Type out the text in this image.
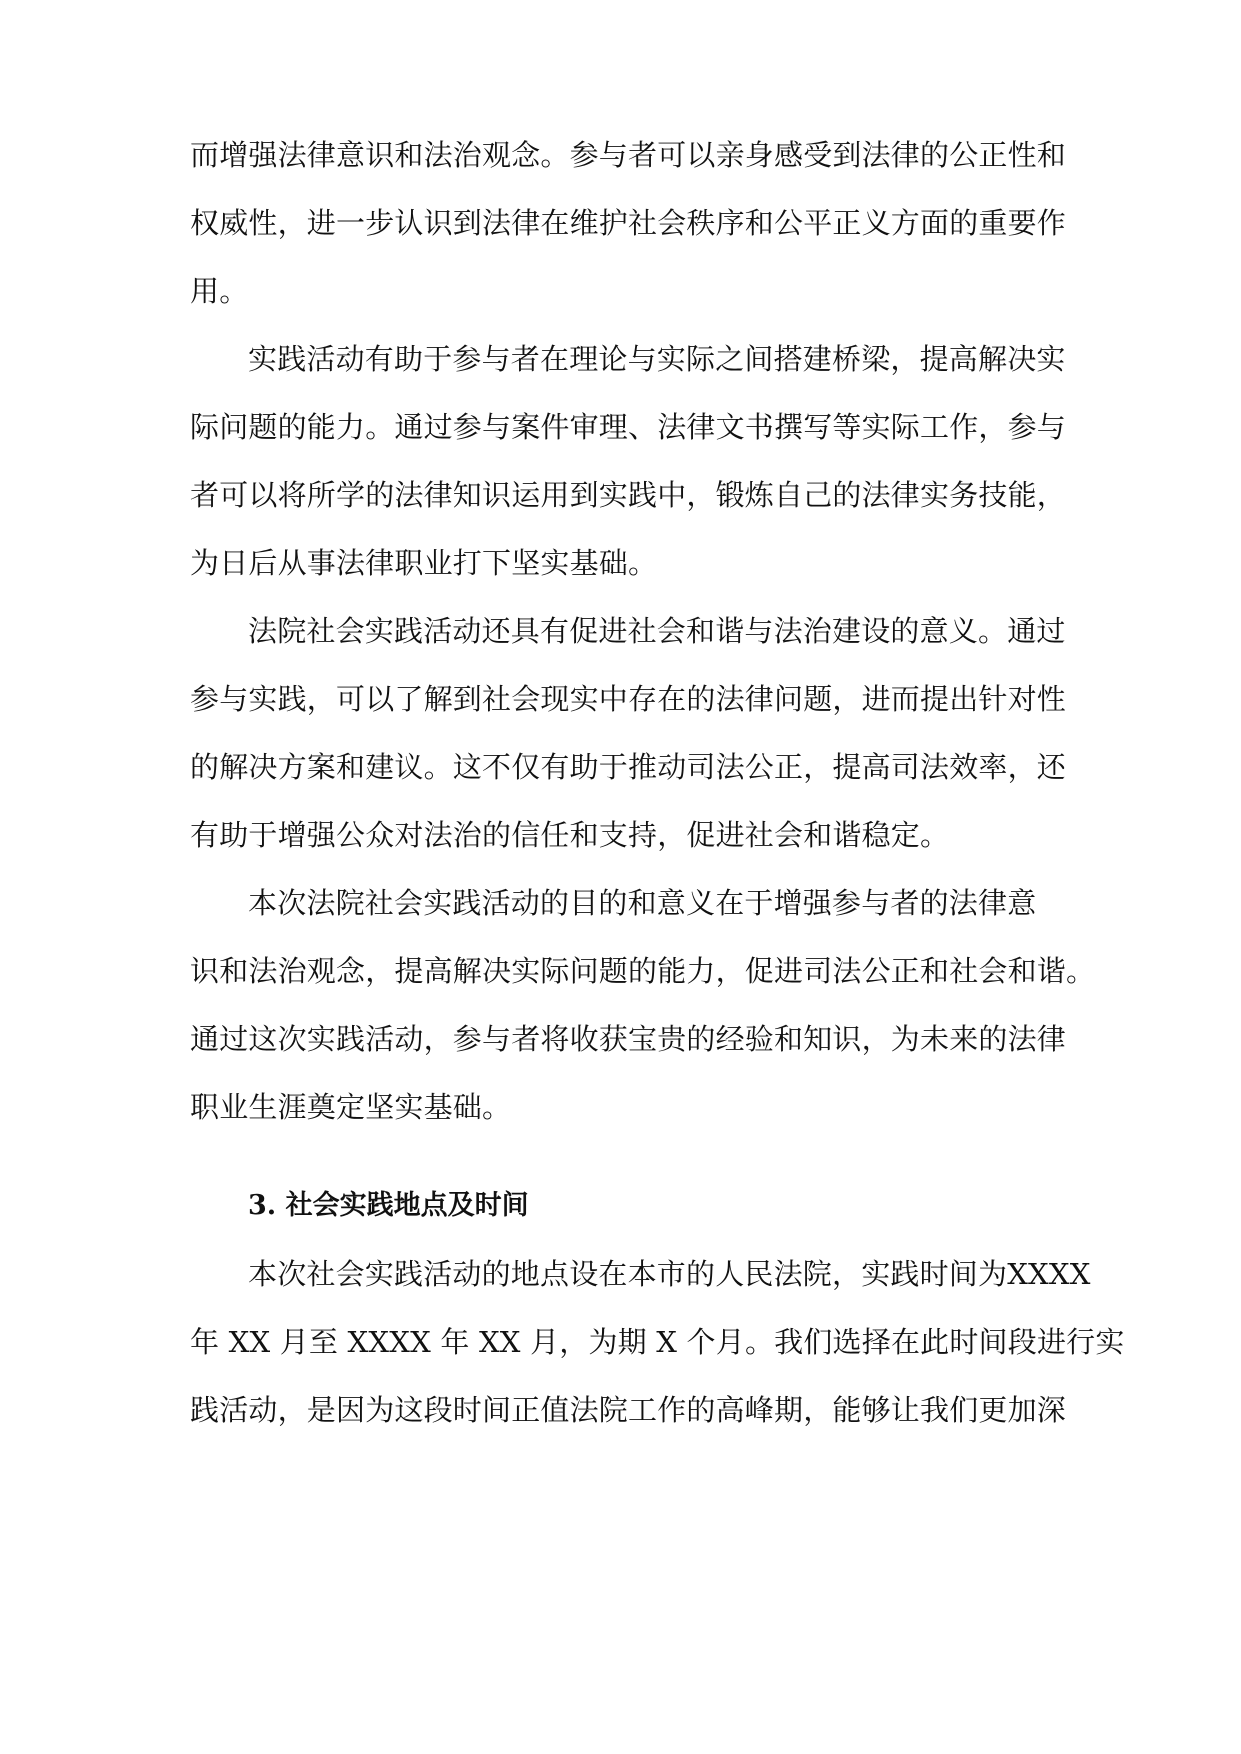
而增强法律意识和法治观念。参与者可以亲身感受到法律的公正性和
权威性，进一步认识到法律在维护社会秩序和公平正义方面的重要作
用。
实践活动有助于参与者在理论与实际之间搭建桥梁，提高解决实
际问题的能力。通过参与案件审理、法律文书撰写等实际工作，参与
者可以将所学的法律知识运用到实践中，锻炼自己的法律实务技能，
为日后从事法律职业打下坚实基础。
法院社会实践活动还具有促进社会和谐与法治建设的意义。通过
参与实践，可以了解到社会现实中存在的法律问题，进而提出针对性
的解决方案和建议。这不仅有助于推动司法公正，提高司法效率，还
有助于增强公众对法治的信任和支持，促进社会和谐稳定。
本次法院社会实践活动的目的和意义在于增强参与者的法律意
识和法治观念，提高解决实际问题的能力，促进司法公正和社会和谐。
通过这次实践活动，参与者将收获宝贵的经验和知识，为未来的法律
职业生涯奠定坚实基础。
3. 社会实践地点及时间
本次社会实践活动的地点设在本市的人民法院，实践时间为XXXX
年 XX 月至 XXXX 年 XX 月，为期 X 个月。我们选择在此时间段进行实
践活动，是因为这段时间正值法院工作的高峰期，能够让我们更加深
